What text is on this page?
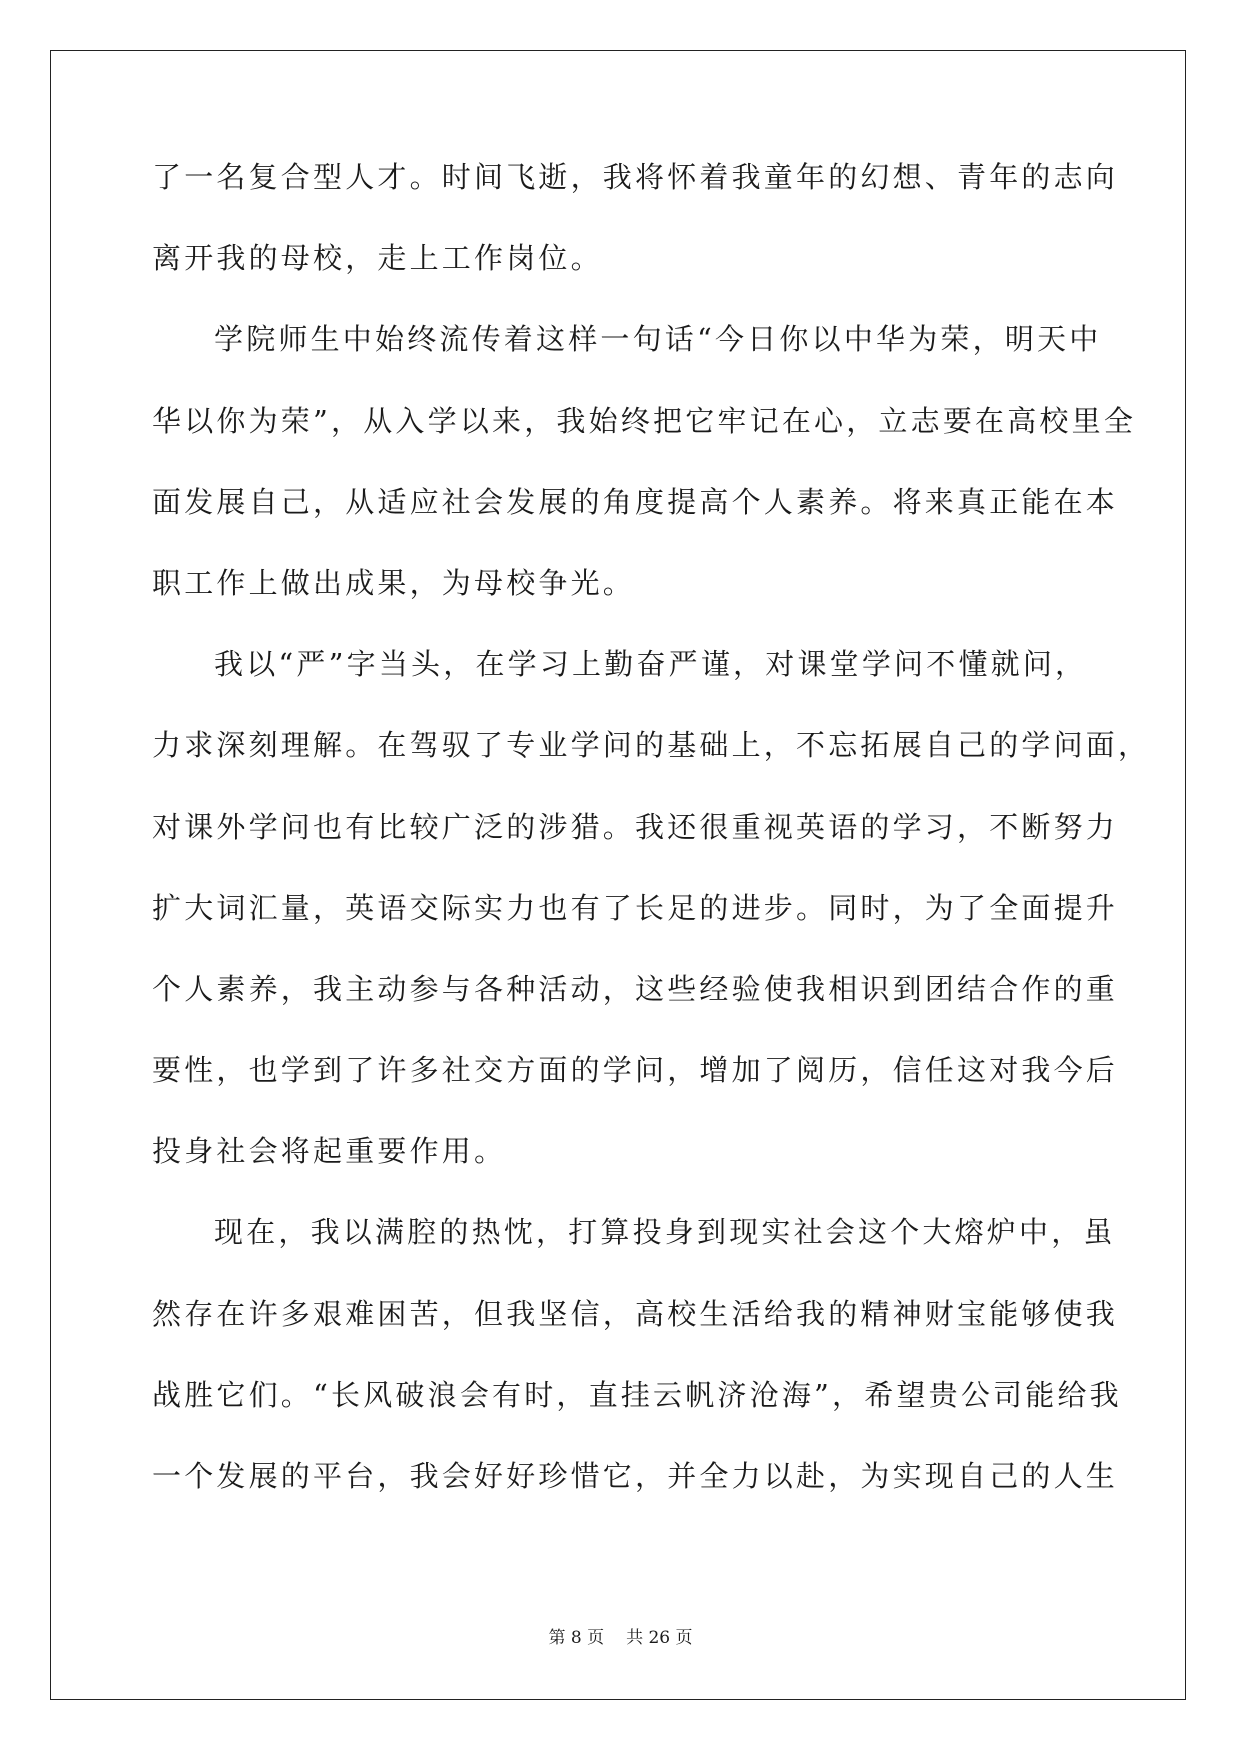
了一名复合型人才。时间飞逝，我将怀着我童年的幻想、青年的志向
离开我的母校，走上工作岗位。
学院师生中始终流传着这样一句话“今日你以中华为荣，明天中
华以你为荣”，从入学以来，我始终把它牢记在心，立志要在高校里全
面发展自己，从适应社会发展的角度提高个人素养。将来真正能在本
职工作上做出成果，为母校争光。
我以“严”字当头，在学习上勤奋严谨，对课堂学问不懂就问，
力求深刻理解。在驾驭了专业学问的基础上，不忘拓展自己的学问面，
对课外学问也有比较广泛的涉猎。我还很重视英语的学习，不断努力
扩大词汇量，英语交际实力也有了长足的进步。同时，为了全面提升
个人素养，我主动参与各种活动，这些经验使我相识到团结合作的重
要性，也学到了许多社交方面的学问，增加了阅历，信任这对我今后
投身社会将起重要作用。
现在，我以满腔的热忱，打算投身到现实社会这个大熔炉中，虽
然存在许多艰难困苦，但我坚信，高校生活给我的精神财宝能够使我
战胜它们。“长风破浪会有时，直挂云帆济沧海”，希望贵公司能给我
一个发展的平台，我会好好珍惜它，并全力以赴，为实现自己的人生
第 8 页 共 26 页
